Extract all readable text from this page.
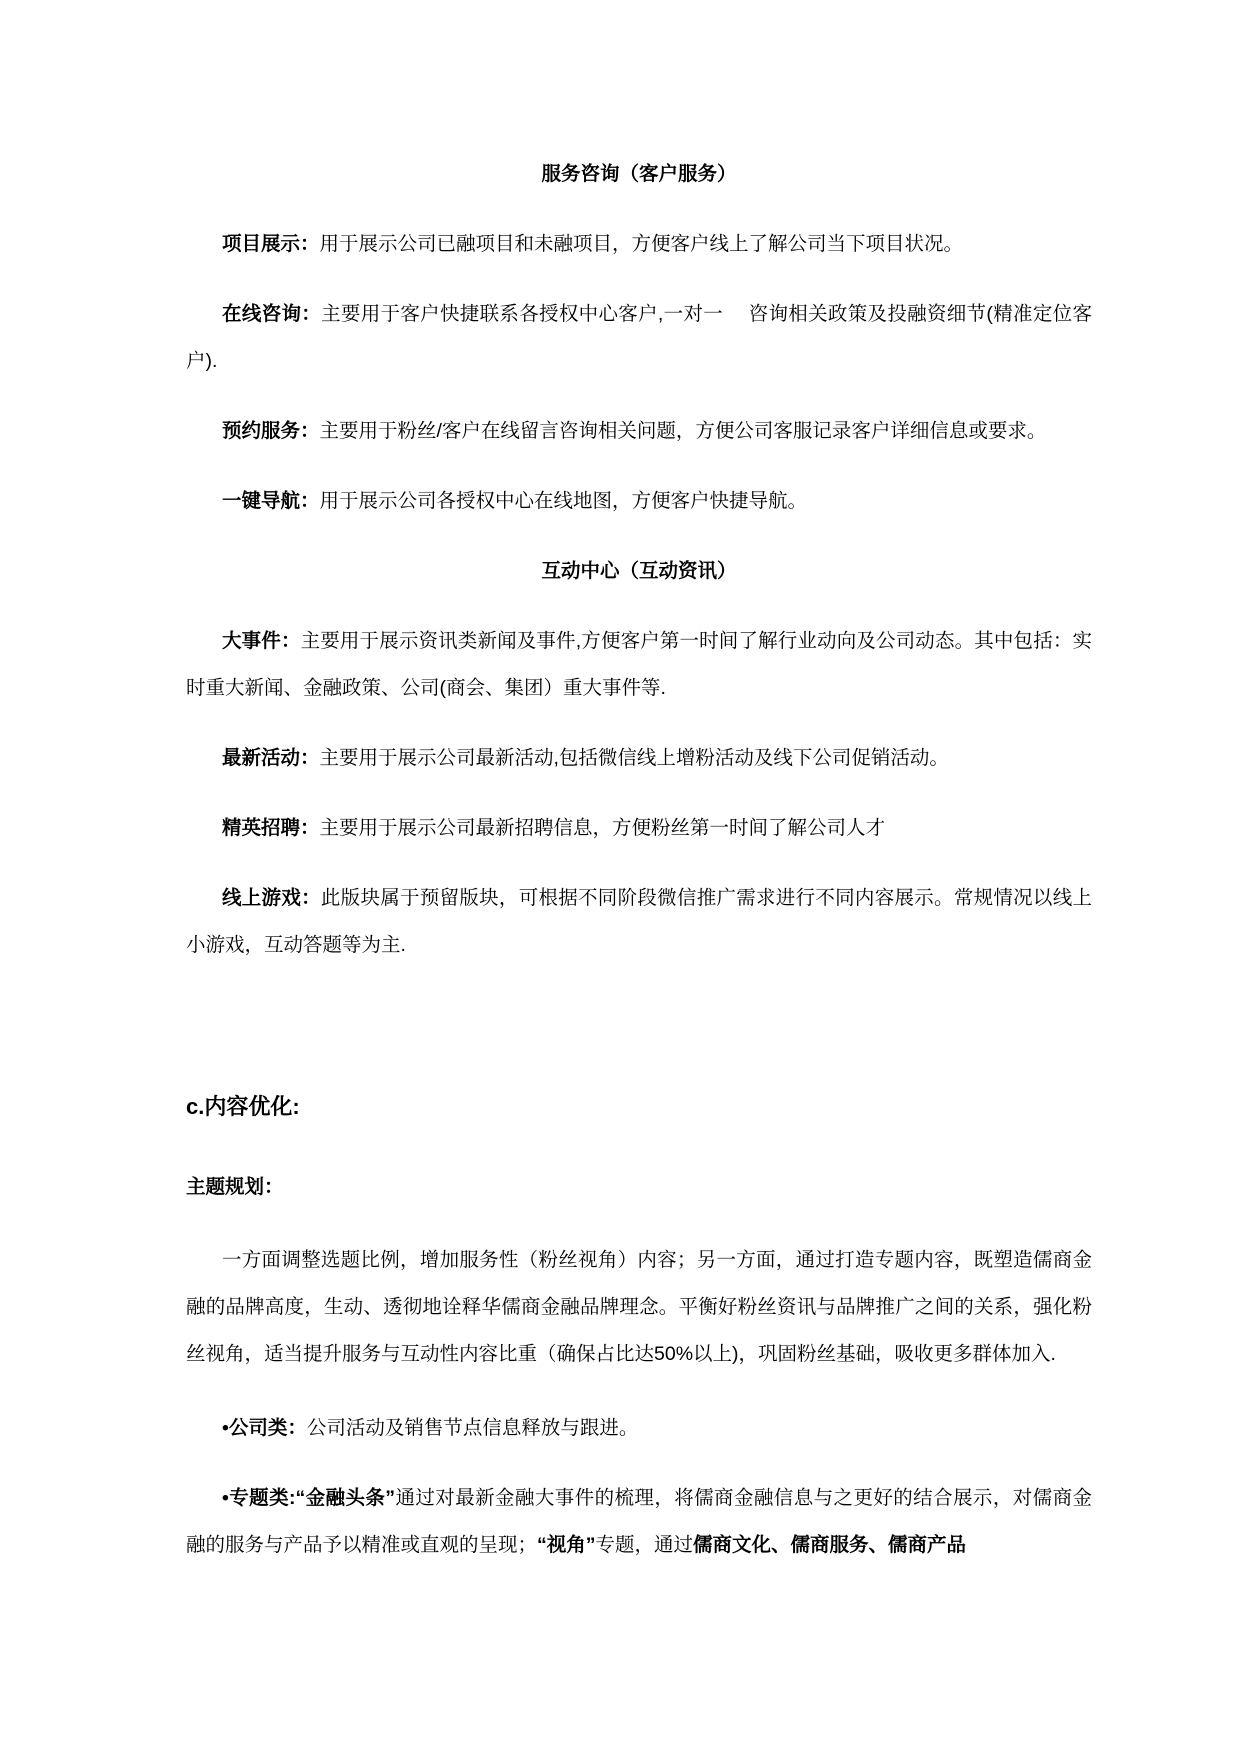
服务咨询（客户服务）
项目展示：用于展示公司已融项目和未融项目，方便客户线上了解公司当下项目状况。
在线咨询：主要用于客户快捷联系各授权中心客户,一对一　 咨询相关政策及投融资细节(精准定位客户).
预约服务：主要用于粉丝/客户在线留言咨询相关问题，方便公司客服记录客户详细信息或要求。
一键导航：用于展示公司各授权中心在线地图，方便客户快捷导航。
互动中心（互动资讯）
大事件：主要用于展示资讯类新闻及事件,方便客户第一时间了解行业动向及公司动态。其中包括：实时重大新闻、金融政策、公司(商会、集团）重大事件等.
最新活动：主要用于展示公司最新活动,包括微信线上增粉活动及线下公司促销活动。
精英招聘：主要用于展示公司最新招聘信息，方便粉丝第一时间了解公司人才
线上游戏：此版块属于预留版块，可根据不同阶段微信推广需求进行不同内容展示。常规情况以线上小游戏，互动答题等为主.
c.内容优化:
主题规划：
一方面调整选题比例，增加服务性（粉丝视角）内容；另一方面，通过打造专题内容，既塑造儒商金融的品牌高度，生动、透彻地诠释华儒商金融品牌理念。平衡好粉丝资讯与品牌推广之间的关系，强化粉丝视角，适当提升服务与互动性内容比重（确保占比达50%以上)，巩固粉丝基础，吸收更多群体加入.
•公司类：公司活动及销售节点信息释放与跟进。
•专题类:“金融头条”通过对最新金融大事件的梳理，将儒商金融信息与之更好的结合展示，对儒商金融的服务与产品予以精准或直观的呈现；“视角”专题，通过儒商文化、儒商服务、儒商产品
